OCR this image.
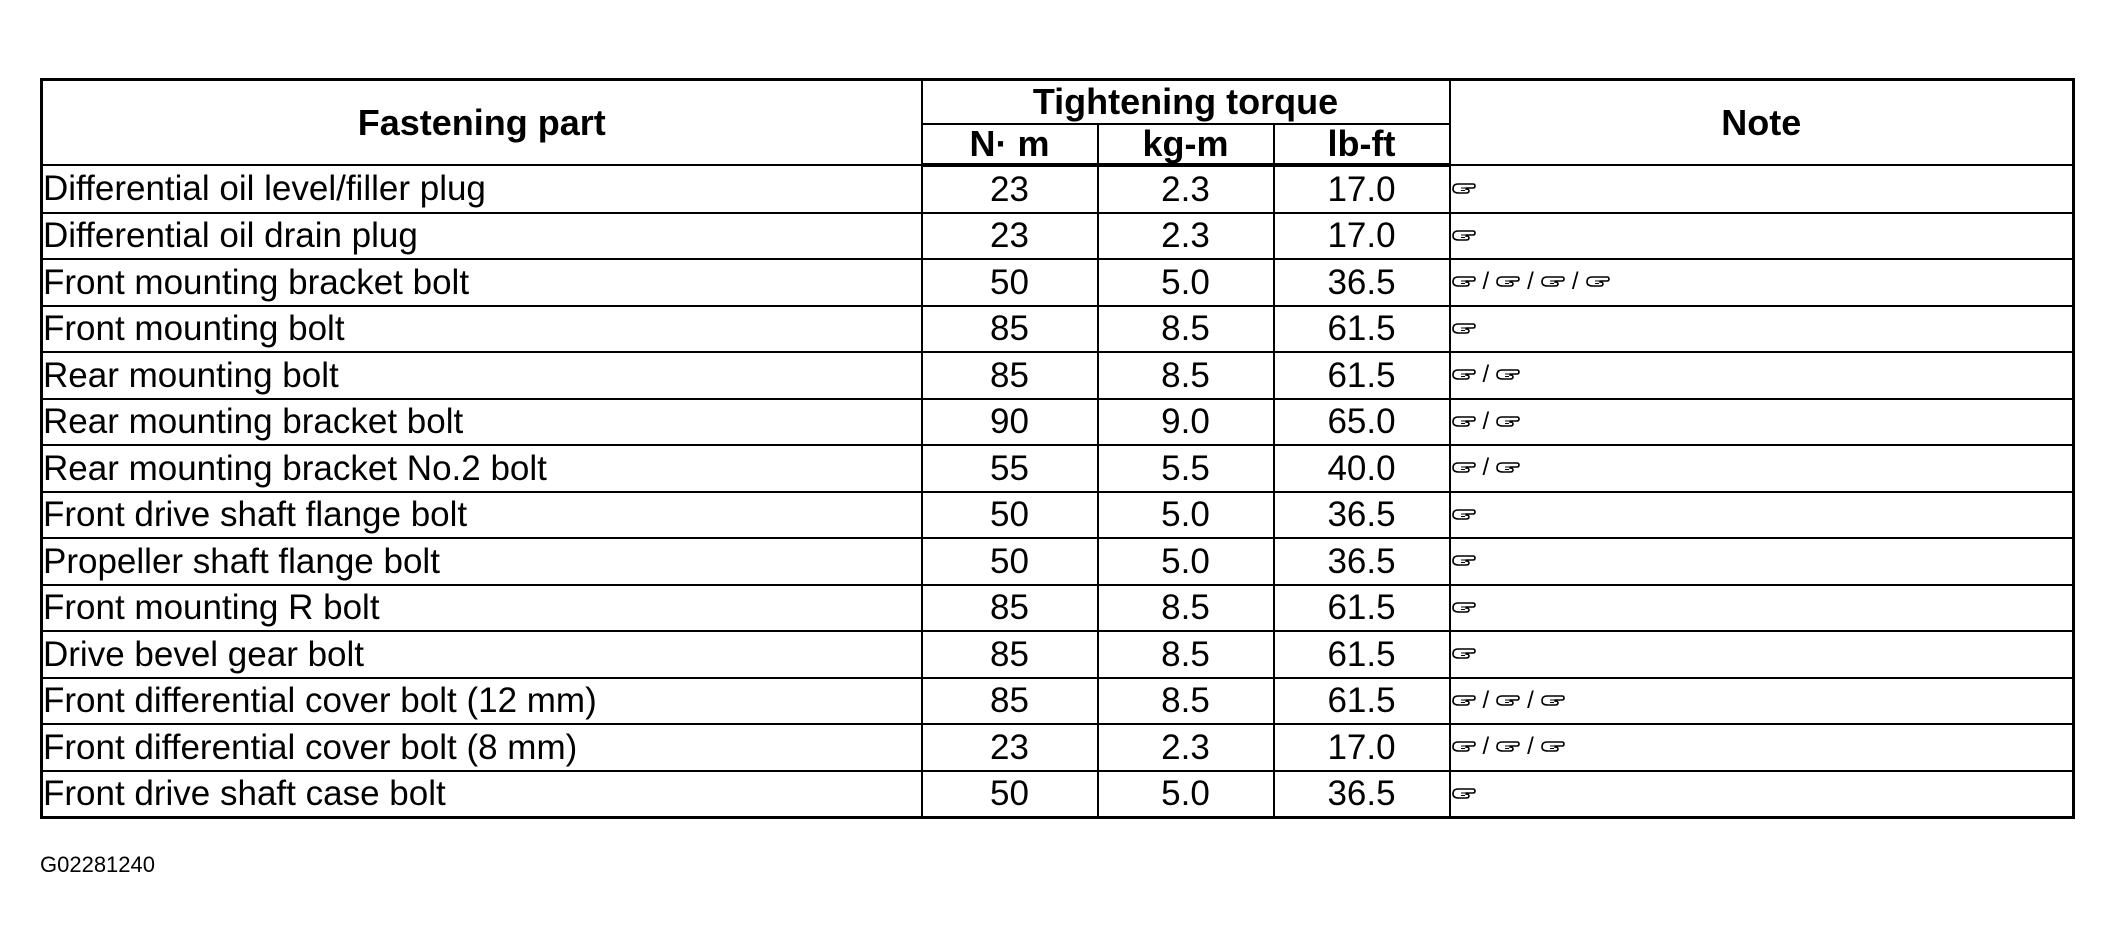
Fastening part	Tightening torque			Note
	N· m	kg-m	lb-ft	
Differential oil level/filler plug	23	2.3	17.0	
Differential oil drain plug	23	2.3	17.0	
Front mounting bracket bolt	50	5.0	36.5	/ / /
Front mounting bolt	85	8.5	61.5	
Rear mounting bolt	85	8.5	61.5	/
Rear mounting bracket bolt	90	9.0	65.0	/
Rear mounting bracket No.2 bolt	55	5.5	40.0	/
Front drive shaft flange bolt	50	5.0	36.5	
Propeller shaft flange bolt	50	5.0	36.5	
Front mounting R bolt	85	8.5	61.5	
Drive bevel gear bolt	85	8.5	61.5	
Front differential cover bolt (12 mm)	85	8.5	61.5	/ /
Front differential cover bolt (8 mm)	23	2.3	17.0	/ /
Front drive shaft case bolt	50	5.0	36.5	
G02281240
